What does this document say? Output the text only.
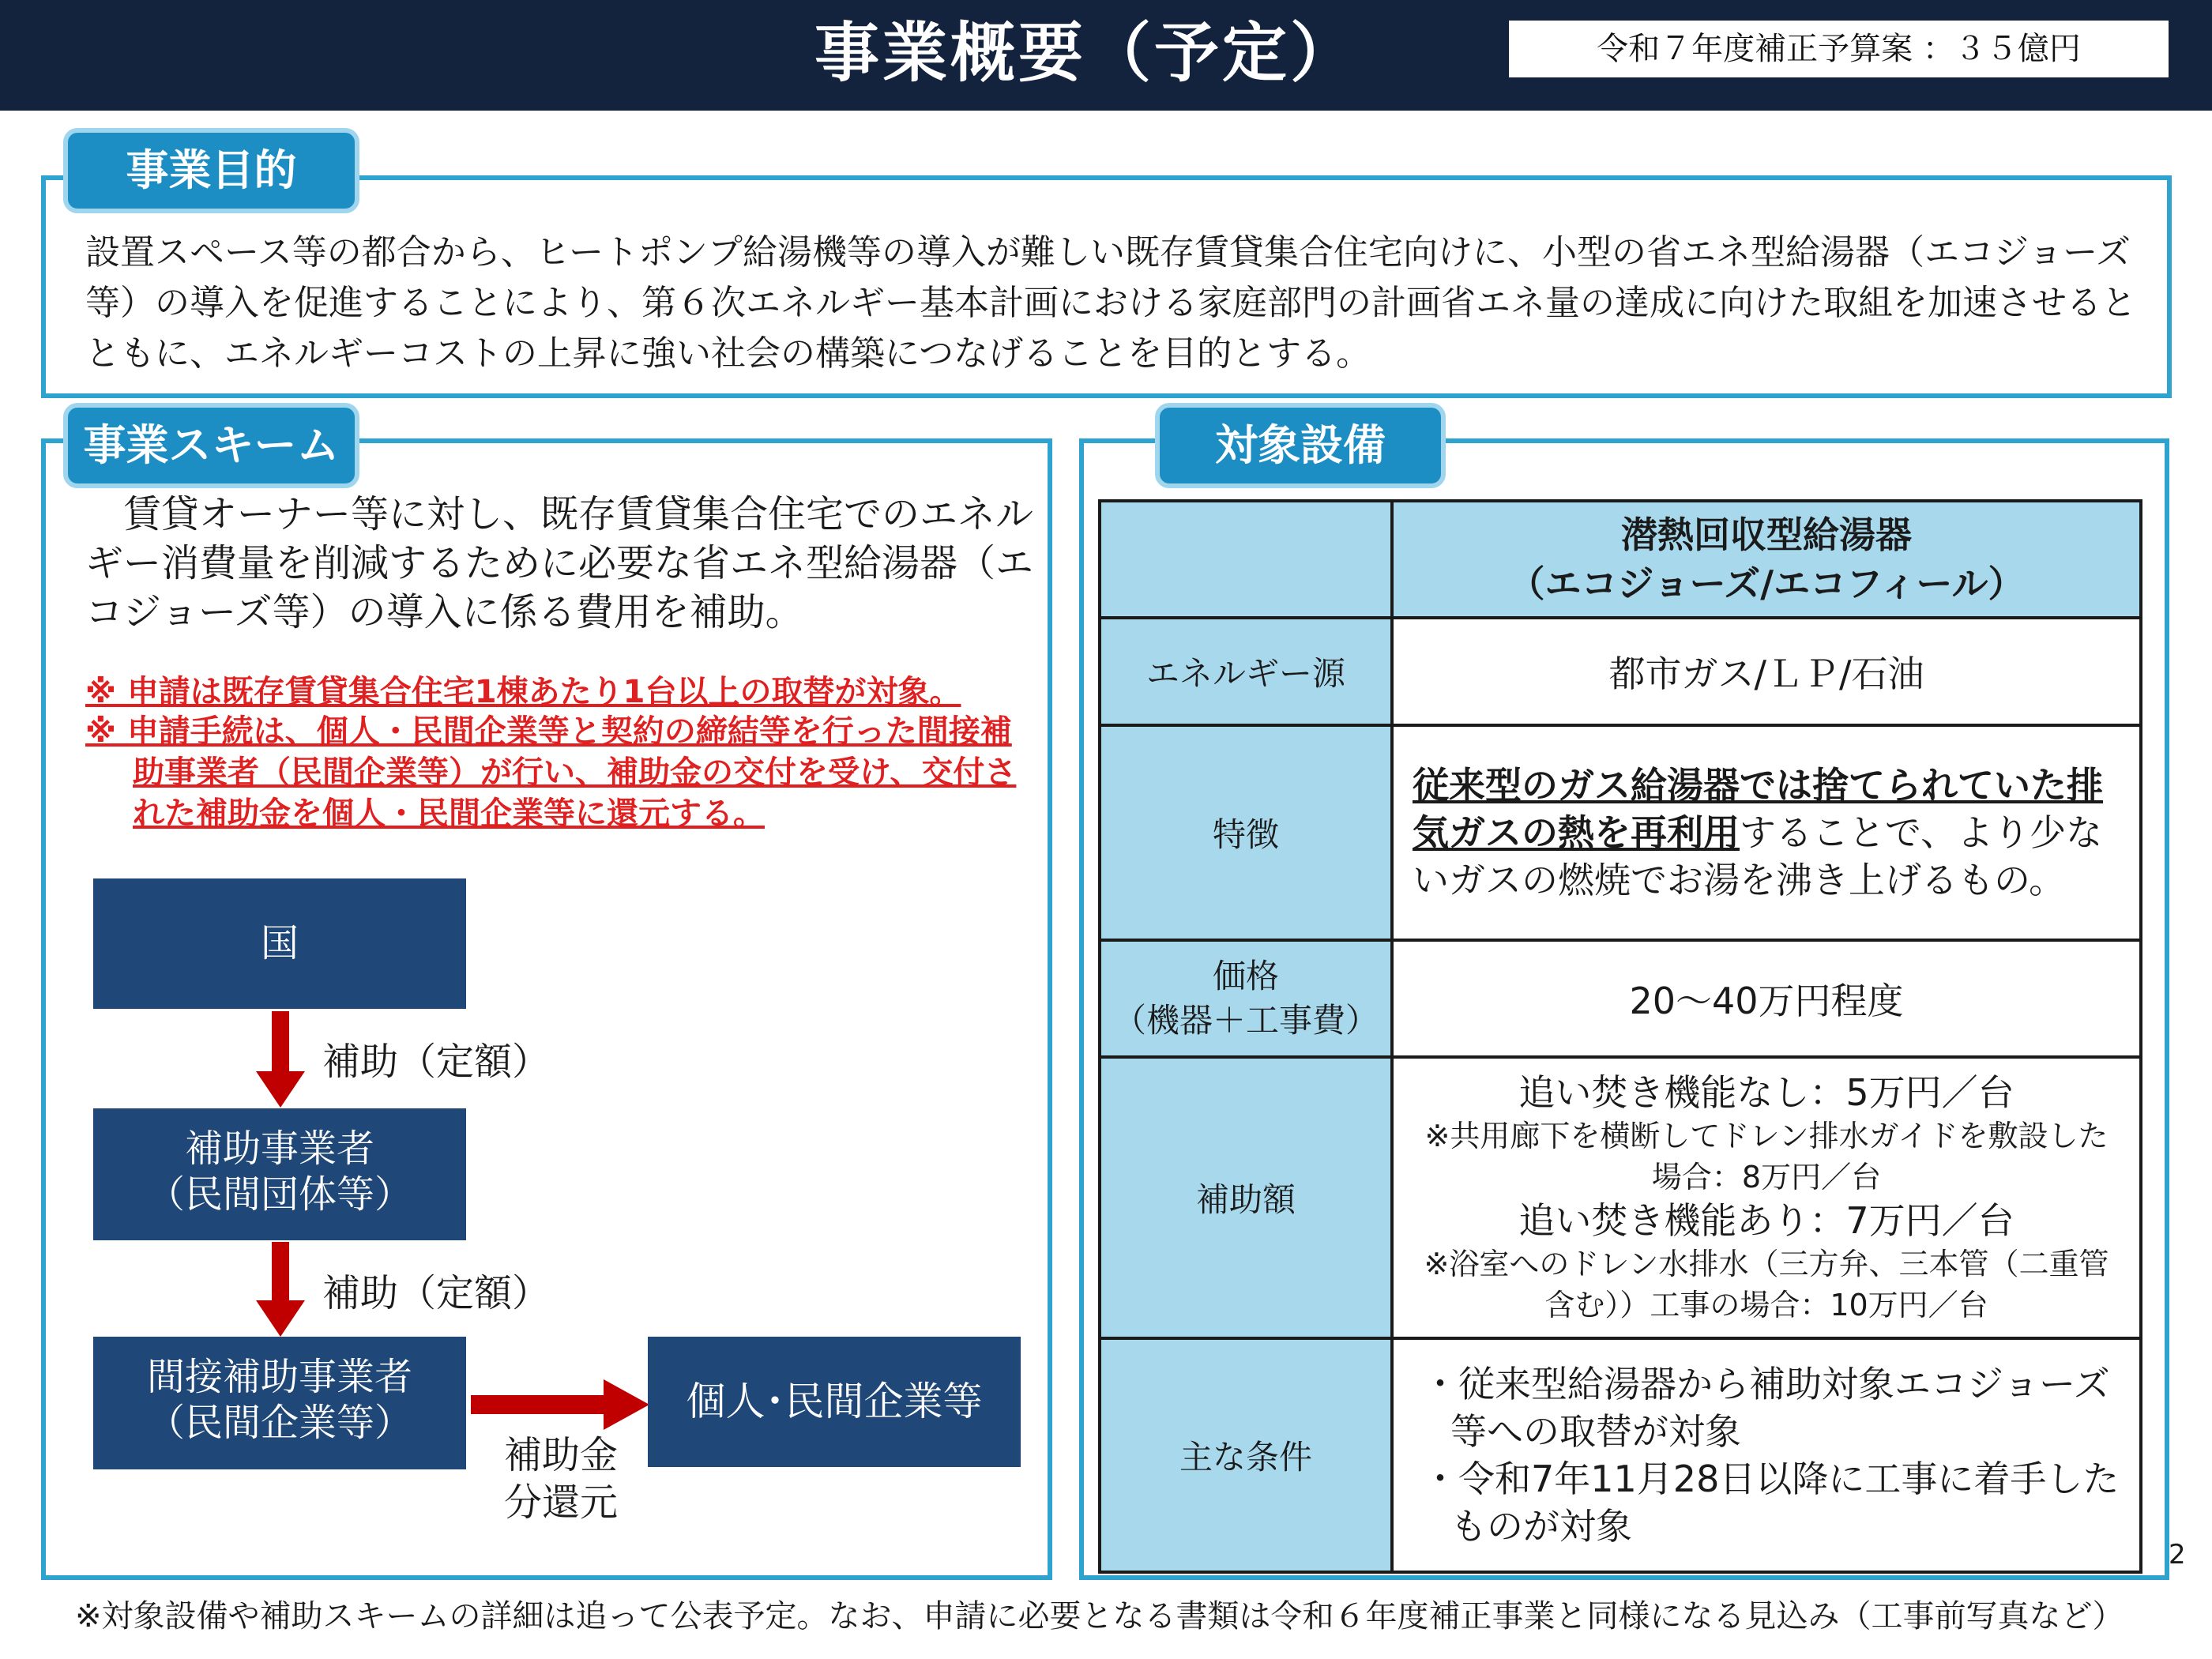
事業概要（予定）	令和７年度補正予算案 ：３５億円
事業目的
設置スペース等の都合から、ヒートポンプ給湯機等の導入が難しい既存賃貸集合住宅向けに、小型の省エネ型給湯器（エコジョーズ等）の導入を促進することにより、第６次エネルギー基本計画における家庭部門の計画省エネ量の達成に向けた取組を加速させるとともに、エネルギーコストの上昇に強い社会の構築につなげることを目的とする。
事業スキーム
賃貸オーナー等に対し、既存賃貸集合住宅でのエネルギー消費量を削減するために必要な省エネ型給湯器（エコジョーズ等）の導入に係る費用を補助。
※ 申請は既存賃貸集合住宅1棟あたり1台以上の取替が対象。
※ 申請手続は、個人・民間企業等と契約の締結等を行った間接補助事業者（民間企業等）が行い、補助金の交付を受け、交付された補助金を個人・民間企業等に還元する。
国
補助（定額）
補助事業者
（民間団体等）
補助（定額）
間接補助事業者
（民間企業等）
補助金
分還元
個人･民間企業等
対象設備

	潜熱回収型給湯器
（エコジョーズ/エコフィール）

エネルギー源	都市ガス/ＬＰ/石油
特徴	従来型のガス給湯器では捨てられていた排気ガスの熱を再利用することで、より少ないガスの燃焼でお湯を沸き上げるもの。

価格
（機器＋工事費）	20～40万円程度
補助額	追い焚き機能なし：5万円／台
※共用廊下を横断してドレン排水ガイドを敷設した場合：8万円／台
追い焚き機能あり：7万円／台
※浴室へのドレン水排水（三方弁、三本管（二重管含む））工事の場合：10万円／台

主な条件	・従来型給湯器から補助対象エコジョーズ等への取替が対象
・令和7年11月28日以降に工事に着手したものが対象
2
※対象設備や補助スキームの詳細は追って公表予定。なお、申請に必要となる書類は令和６年度補正事業と同様になる見込み（工事前写真など）
